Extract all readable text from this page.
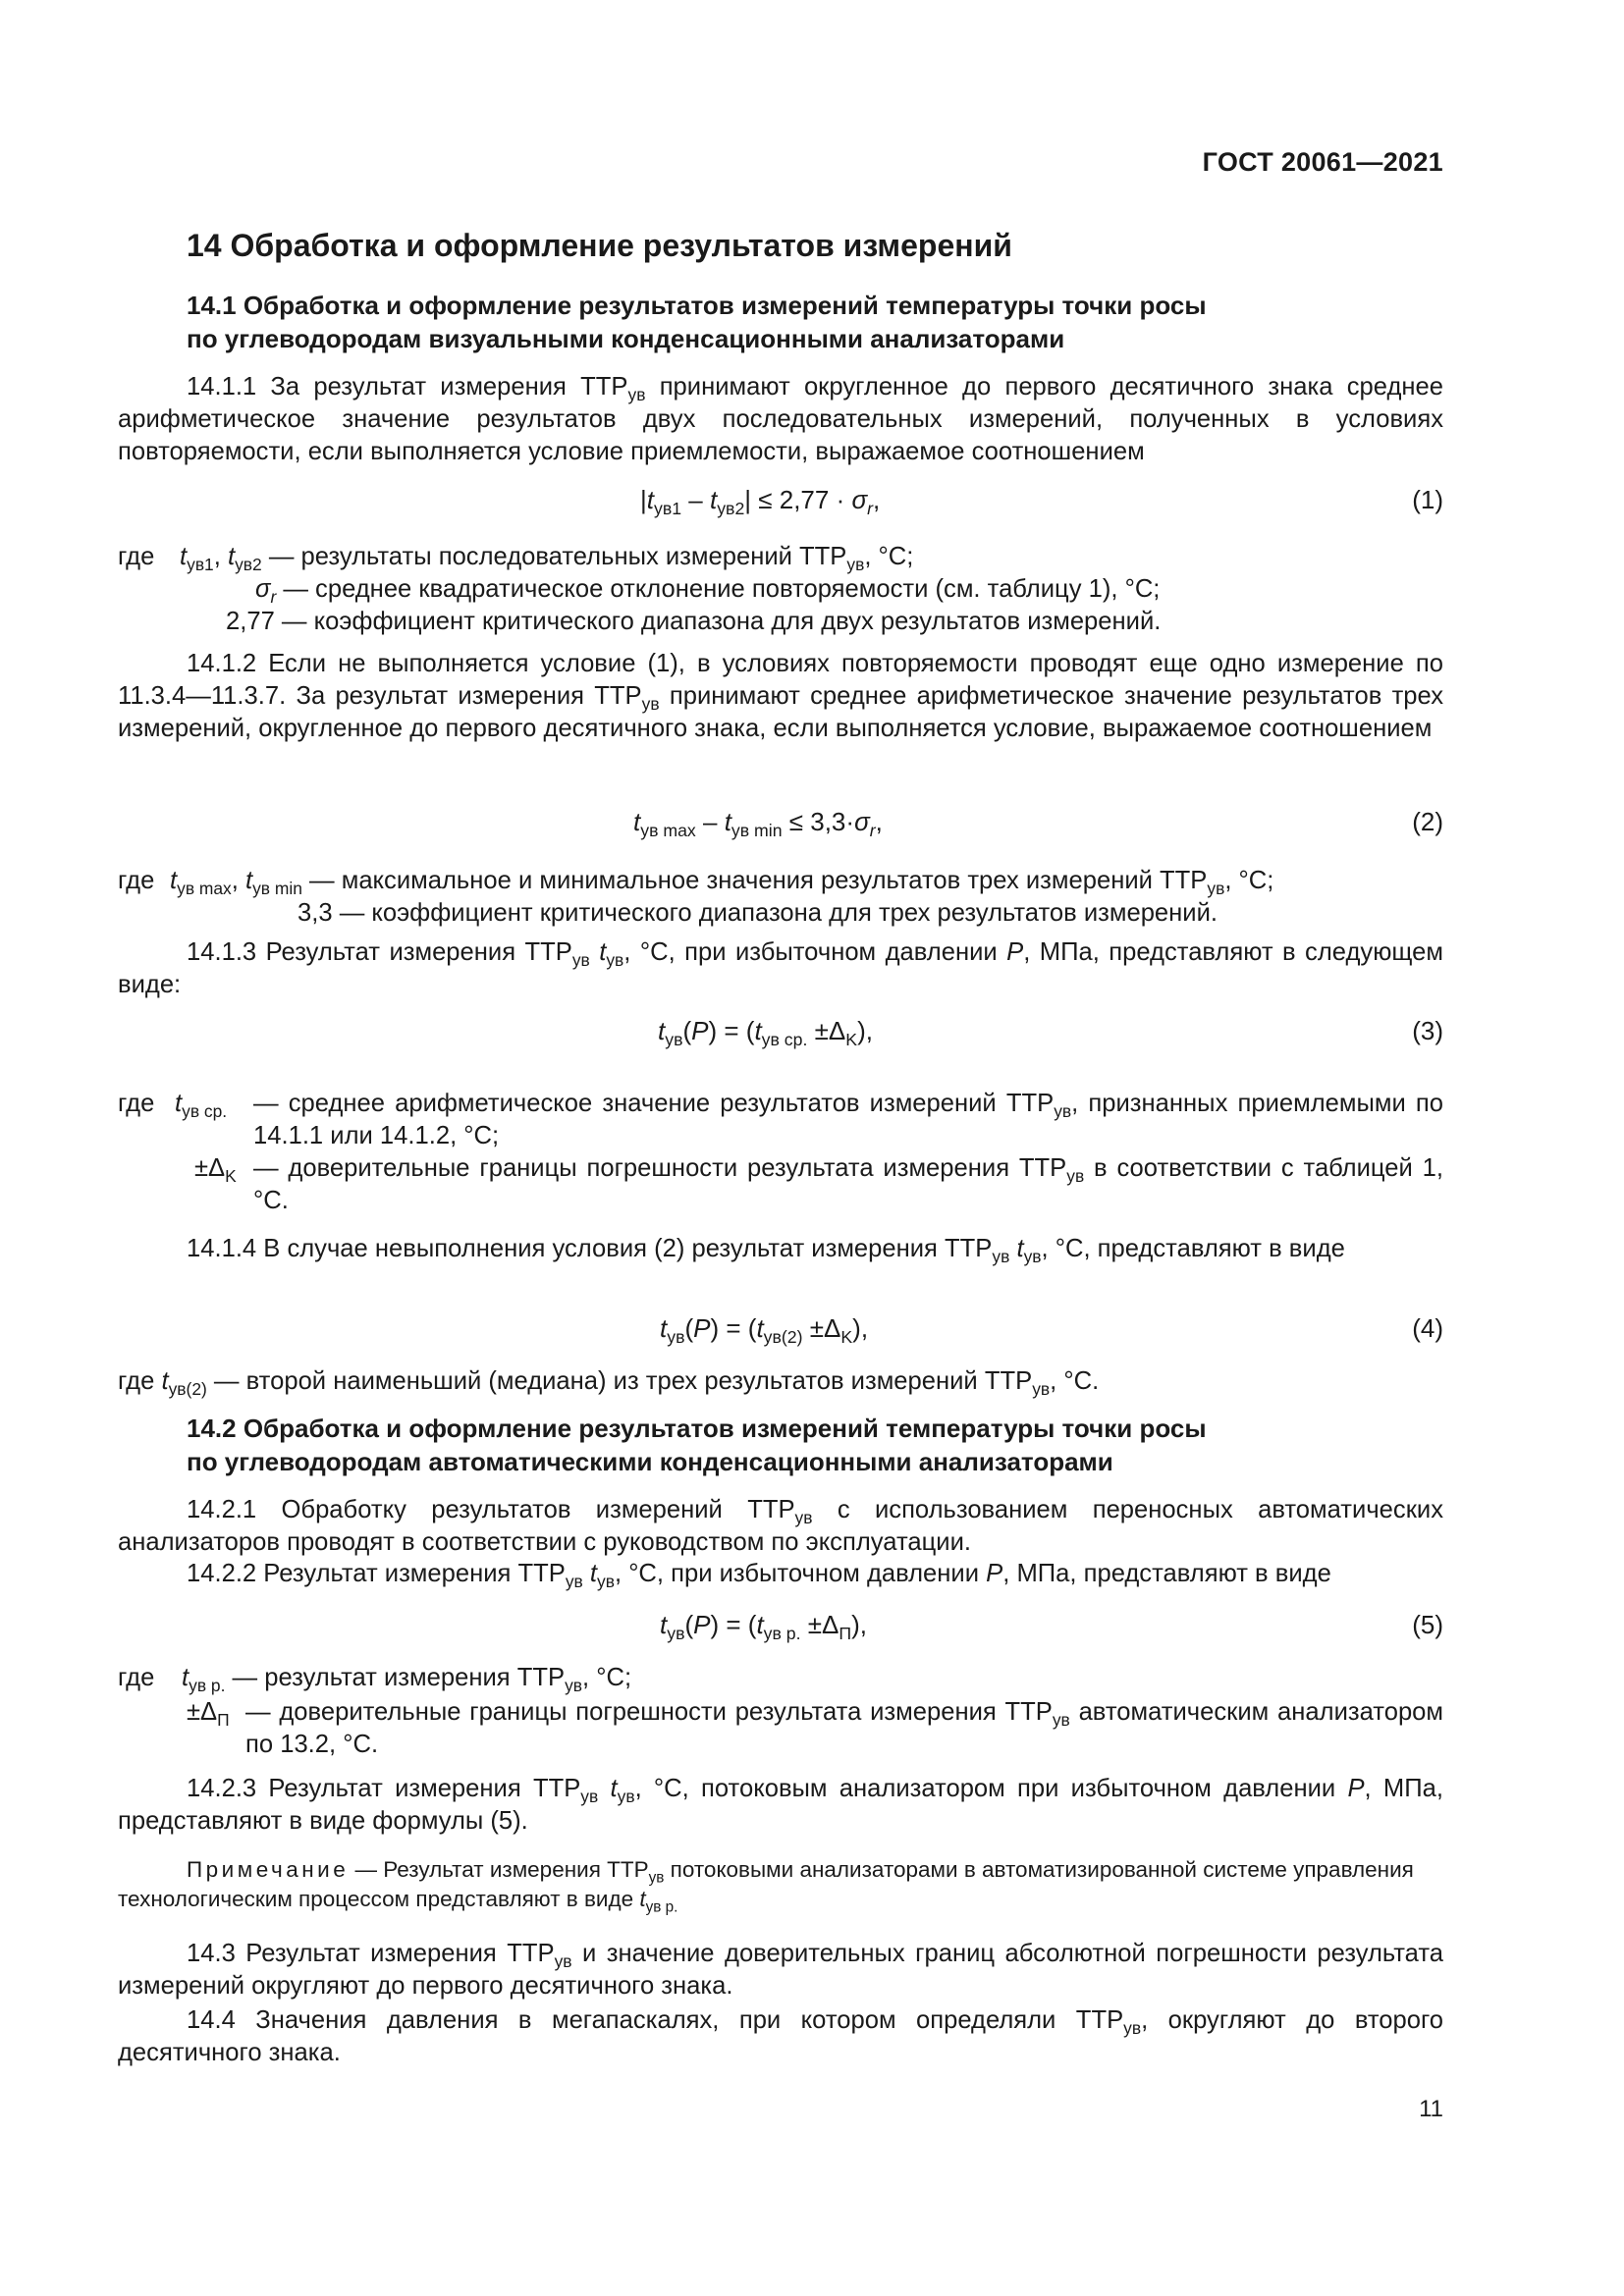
ГОСТ 20061—2021
14 Обработка и оформление результатов измерений
14.1 Обработка и оформление результатов измерений температуры точки росы
по углеводородам визуальными конденсационными анализаторами
14.1.1 За результат измерения $ТТР_{ув}$ принимают округленное до первого десятичного знака среднее арифметическое значение результатов двух последовательных измерений, полученных в условиях повторяемости, если выполняется условие приемлемости, выражаемое соотношением
$|t_{ув1} - t_{ув2}| \le 2,77 \cdot \sigma_r$,	(1)
где $t_{ув1}$, $t_{ув2}$ — результаты последовательных измерений $ТТР_{ув}$, °С;
$\sigma_r$ — среднее квадратическое отклонение повторяемости (см. таблицу 1), °С;
2,77 — коэффициент критического диапазона для двух результатов измерений.
14.1.2 Если не выполняется условие (1), в условиях повторяемости проводят еще одно измерение по 11.3.4—11.3.7. За результат измерения $ТТР_{ув}$ принимают среднее арифметическое значение результатов трех измерений, округленное до первого десятичного знака, если выполняется условие, выражаемое соотношением
$t_{ув max} - t_{ув min} \le 3,3\cdot\sigma_r$,	(2)
где $t_{ув max}$, $t_{ув min}$ — максимальное и минимальное значения результатов трех измерений $ТТР_{ув}$, °С;
3,3 — коэффициент критического диапазона для трех результатов измерений.
14.1.3 Результат измерения $ТТР_{ув}$ $t_{ув}$, °С, при избыточном давлении P, МПа, представляют в следующем виде:
$t_{ув}(P) = (t_{ув ср.} \pm\Delta_K)$,	(3)
где $t_{ув ср.}$ — среднее арифметическое значение результатов измерений $ТТР_{ув}$, признанных приемлемыми по 14.1.1 или 14.1.2, °С;
$\pm\Delta_K$ — доверительные границы погрешности результата измерения $ТТР_{ув}$ в соответствии с таблицей 1, °С.
14.1.4 В случае невыполнения условия (2) результат измерения $ТТР_{ув}$ $t_{ув}$, °С, представляют в виде
$t_{ув}(P) = (t_{ув(2)} \pm\Delta_K)$,	(4)
где $t_{ув(2)}$ — второй наименьший (медиана) из трех результатов измерений $ТТР_{ув}$, °С.
14.2 Обработка и оформление результатов измерений температуры точки росы
по углеводородам автоматическими конденсационными анализаторами
14.2.1 Обработку результатов измерений $ТТР_{ув}$ с использованием переносных автоматических анализаторов проводят в соответствии с руководством по эксплуатации.
14.2.2 Результат измерения $ТТР_{ув}$ $t_{ув}$, °С, при избыточном давлении P, МПа, представляют в виде
$t_{ув}(P) = (t_{ув р.} \pm\Delta_П)$,	(5)
где $t_{ув р.}$ — результат измерения $ТТР_{ув}$, °С;
$\pm\Delta_П$ — доверительные границы погрешности результата измерения $ТТР_{ув}$ автоматическим анализатором по 13.2, °С.
14.2.3 Результат измерения $ТТР_{ув}$ $t_{ув}$, °С, потоковым анализатором при избыточном давлении P, МПа, представляют в виде формулы (5).
Примечание — Результат измерения $ТТР_{ув}$ потоковыми анализаторами в автоматизированной системе управления технологическим процессом представляют в виде $t_{ув р.}$
14.3 Результат измерения $ТТР_{ув}$ и значение доверительных границ абсолютной погрешности результата измерений округляют до первого десятичного знака.
14.4 Значения давления в мегапаскалях, при котором определяли $ТТР_{ув}$, округляют до второго десятичного знака.
11
